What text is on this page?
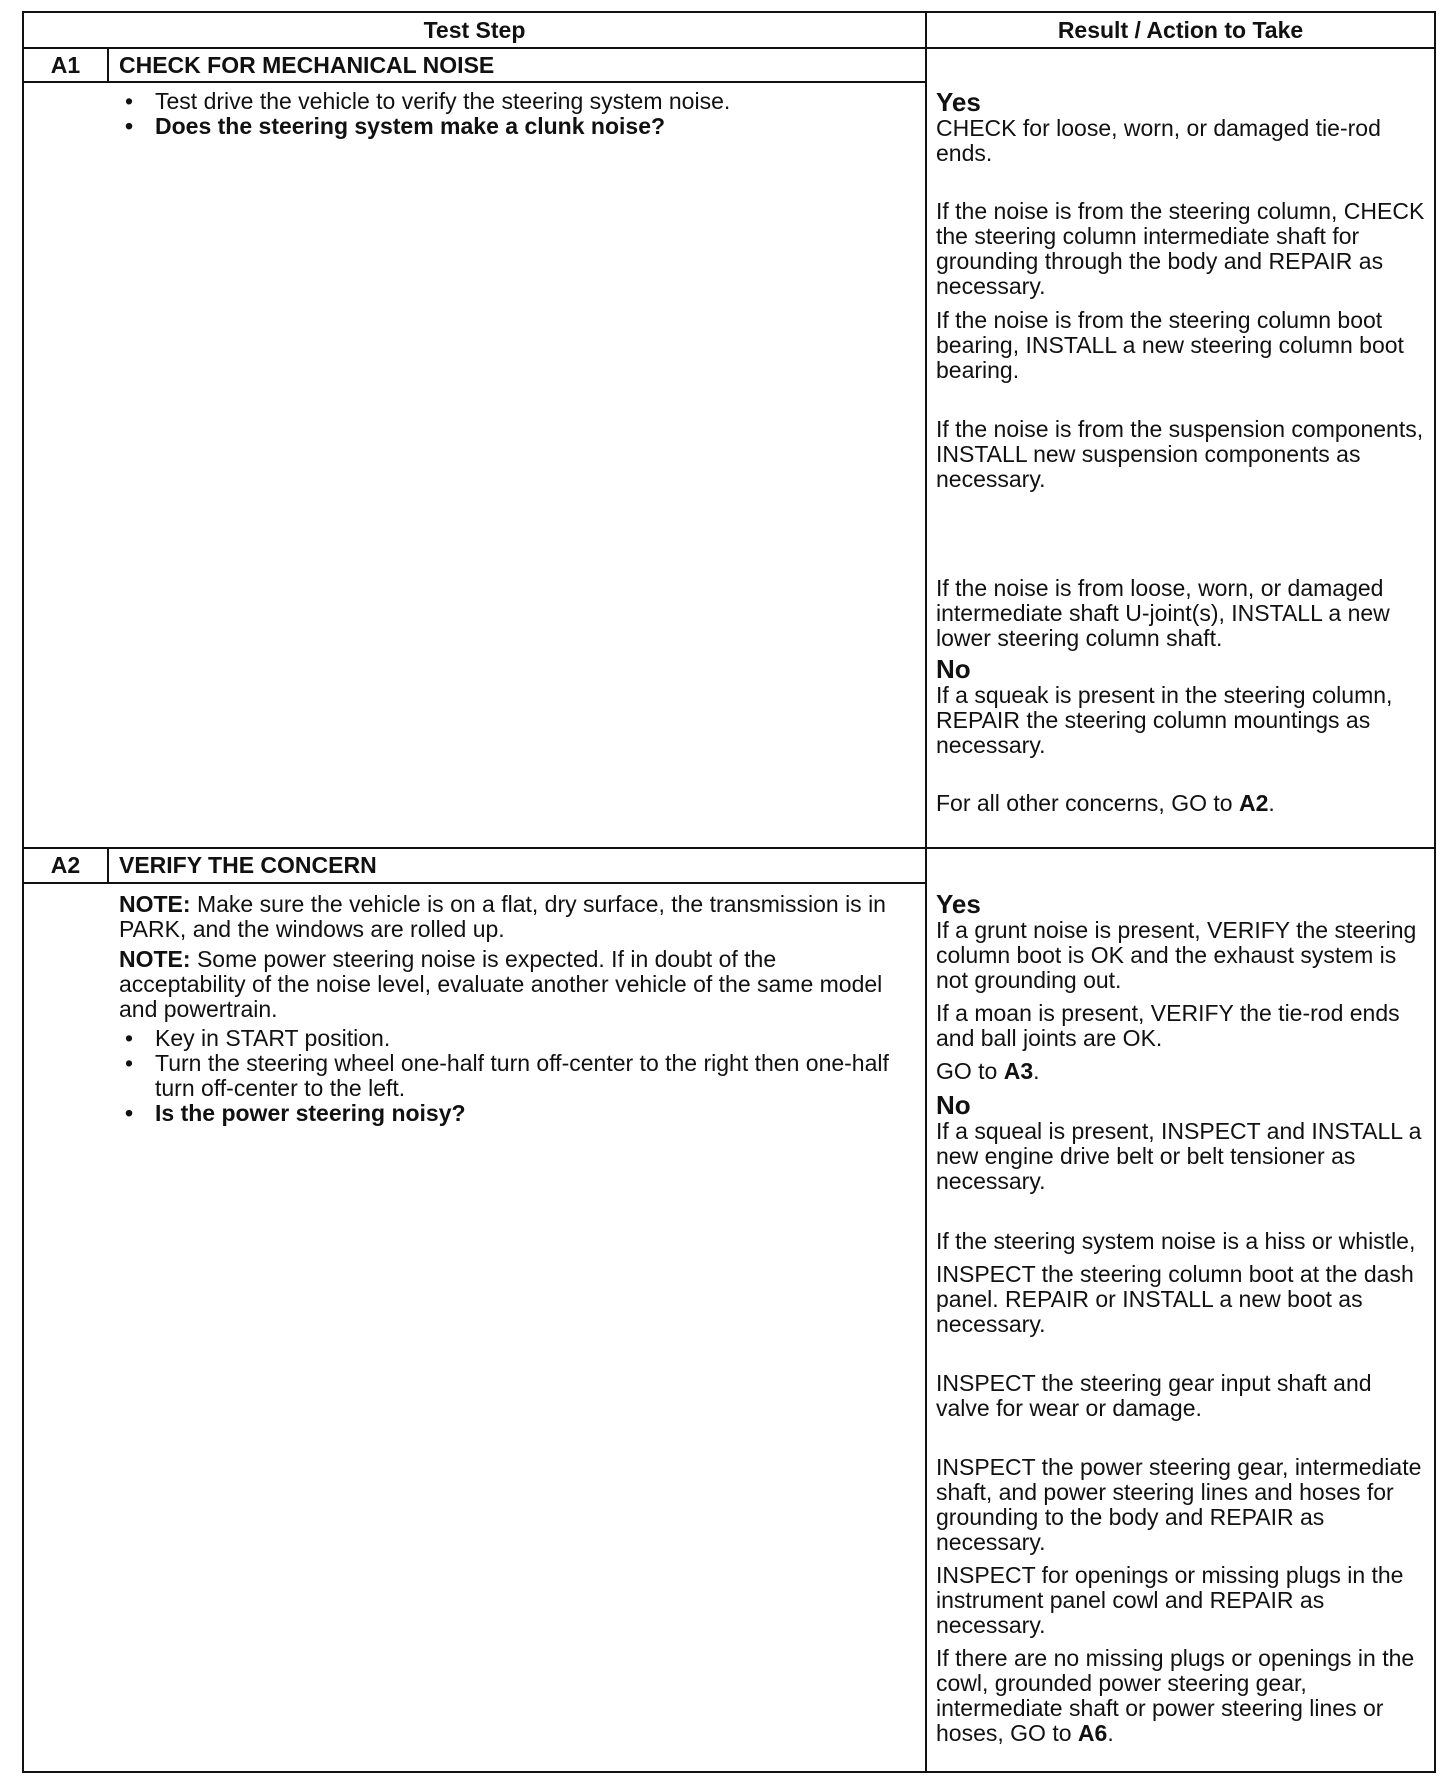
Test Step	Result / Action to Take
A1	CHECK FOR MECHANICAL NOISE
• Test drive the vehicle to verify the steering system noise.
• Does the steering system make a clunk noise?
Yes
CHECK for loose, worn, or damaged tie-rod ends.
If the noise is from the steering column, CHECK the steering column intermediate shaft for grounding through the body and REPAIR as necessary.
If the noise is from the steering column boot bearing, INSTALL a new steering column boot bearing.
If the noise is from the suspension components, INSTALL new suspension components as necessary.
If the noise is from loose, worn, or damaged intermediate shaft U-joint(s), INSTALL a new lower steering column shaft.
No
If a squeak is present in the steering column, REPAIR the steering column mountings as necessary.
For all other concerns, GO to A2.
A2	VERIFY THE CONCERN

NOTE: Make sure the vehicle is on a flat, dry surface, the transmission is in PARK, and the windows are rolled up.

NOTE: Some power steering noise is expected. If in doubt of the acceptability of the noise level, evaluate another vehicle of the same model and powertrain.

• Key in START position.
• Turn the steering wheel one-half turn off-center to the right then one-half turn off-center to the left.
• Is the power steering noisy?
Yes
If a grunt noise is present, VERIFY the steering column boot is OK and the exhaust system is not grounding out.
If a moan is present, VERIFY the tie-rod ends and ball joints are OK.
GO to A3.
No
If a squeal is present, INSPECT and INSTALL a new engine drive belt or belt tensioner as necessary.
If the steering system noise is a hiss or whistle,
INSPECT the steering column boot at the dash panel. REPAIR or INSTALL a new boot as necessary.
INSPECT the steering gear input shaft and valve for wear or damage.
INSPECT the power steering gear, intermediate shaft, and power steering lines and hoses for grounding to the body and REPAIR as necessary.
INSPECT for openings or missing plugs in the instrument panel cowl and REPAIR as necessary.
If there are no missing plugs or openings in the cowl, grounded power steering gear, intermediate shaft or power steering lines or hoses, GO to A6.
